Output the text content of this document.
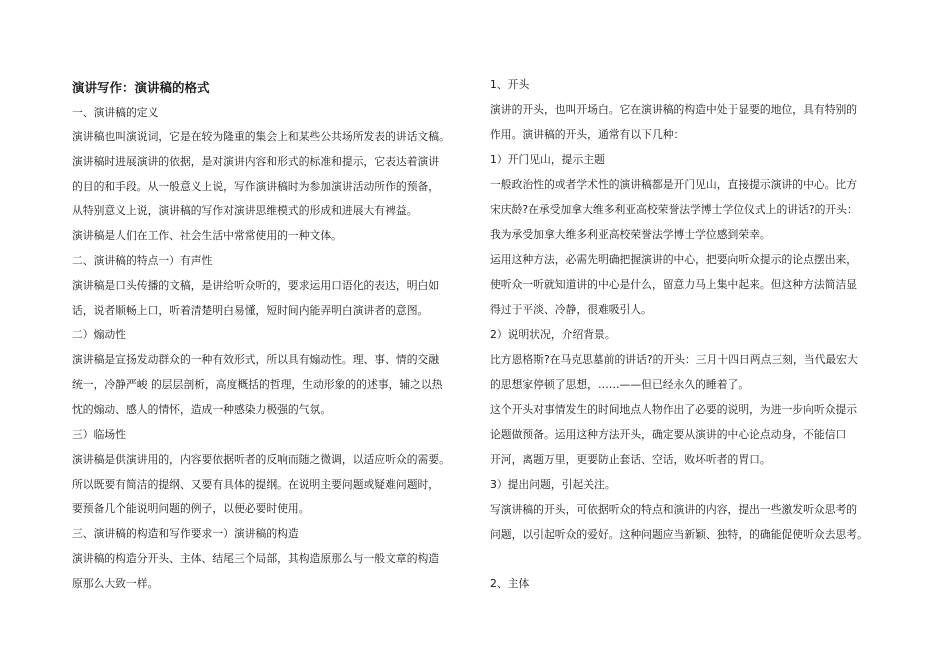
演讲写作：演讲稿的格式
一、演讲稿的定义
演讲稿也叫演说词，它是在较为隆重的集会上和某些公共场所发表的讲话文稿。
演讲稿时进展演讲的依据，是对演讲内容和形式的标准和提示，它表达着演讲
的目的和手段。从一般意义上说，写作演讲稿时为参加演讲活动所作的预备，
从特别意义上说，演讲稿的写作对演讲思维模式的形成和进展大有裨益。
演讲稿是人们在工作、社会生活中常常使用的一种文体。
二、演讲稿的特点一）有声性
演讲稿是口头传播的文稿，是讲给听众听的，要求运用口语化的表达，明白如
话，说者顺畅上口，听着清楚明白易懂，短时间内能弄明白演讲者的意图。
二）煽动性
演讲稿是宣扬发动群众的一种有效形式，所以具有煽动性。理、事、情的交融
统一，冷静严峻 的层层剖析，高度概括的哲理，生动形象的的述事，辅之以热
忱的煽动、感人的情怀，造成一种感染力极强的气氛。
三）临场性
演讲稿是供演讲用的，内容要依据听者的反响而随之微调，以适应听众的需要。
所以既要有简洁的提纲、又要有具体的提纲。在说明主要问题或疑难问题时，
要预备几个能说明问题的例子，以便必要时使用。
三、演讲稿的构造和写作要求一）演讲稿的构造
演讲稿的构造分开头、主体、结尾三个局部，其构造原那么与一般文章的构造
原那么大致一样。
1、开头
演讲的开头，也叫开场白。它在演讲稿的构造中处于显要的地位，具有特别的
作用。演讲稿的开头，通常有以下几种：
1）开门见山，提示主题
一般政治性的或者学术性的演讲稿都是开门见山，直接提示演讲的中心。比方
宋庆龄?在承受加拿大维多利亚高校荣誉法学博士学位仪式上的讲话?的开头：
我为承受加拿大维多利亚高校荣誉法学博士学位感到荣幸。
运用这种方法，必需先明确把握演讲的中心，把要向听众提示的论点摆出来，
使听众一听就知道讲的中心是什么，留意力马上集中起来。但这种方法简洁显
得过于平淡、冷静，很难吸引人。
2）说明状况，介绍背景。
比方恩格斯?在马克思墓前的讲话?的开头：三月十四日两点三刻，当代最宏大
的思想家停顿了思想，……——但已经永久的睡着了。
这个开头对事情发生的时间地点人物作出了必要的说明，为进一步向听众提示
论题做预备。运用这种方法开头，确定要从演讲的中心论点动身，不能信口
开河，离题万里，更要防止套话、空话，败坏听者的胃口。
3）提出问题，引起关注。
写演讲稿的开头，可依据听众的特点和演讲的内容，提出一些激发听众思考的
问题，以引起听众的爱好。这种问题应当新颖、独特，的确能促使听众去思考。
2、主体
